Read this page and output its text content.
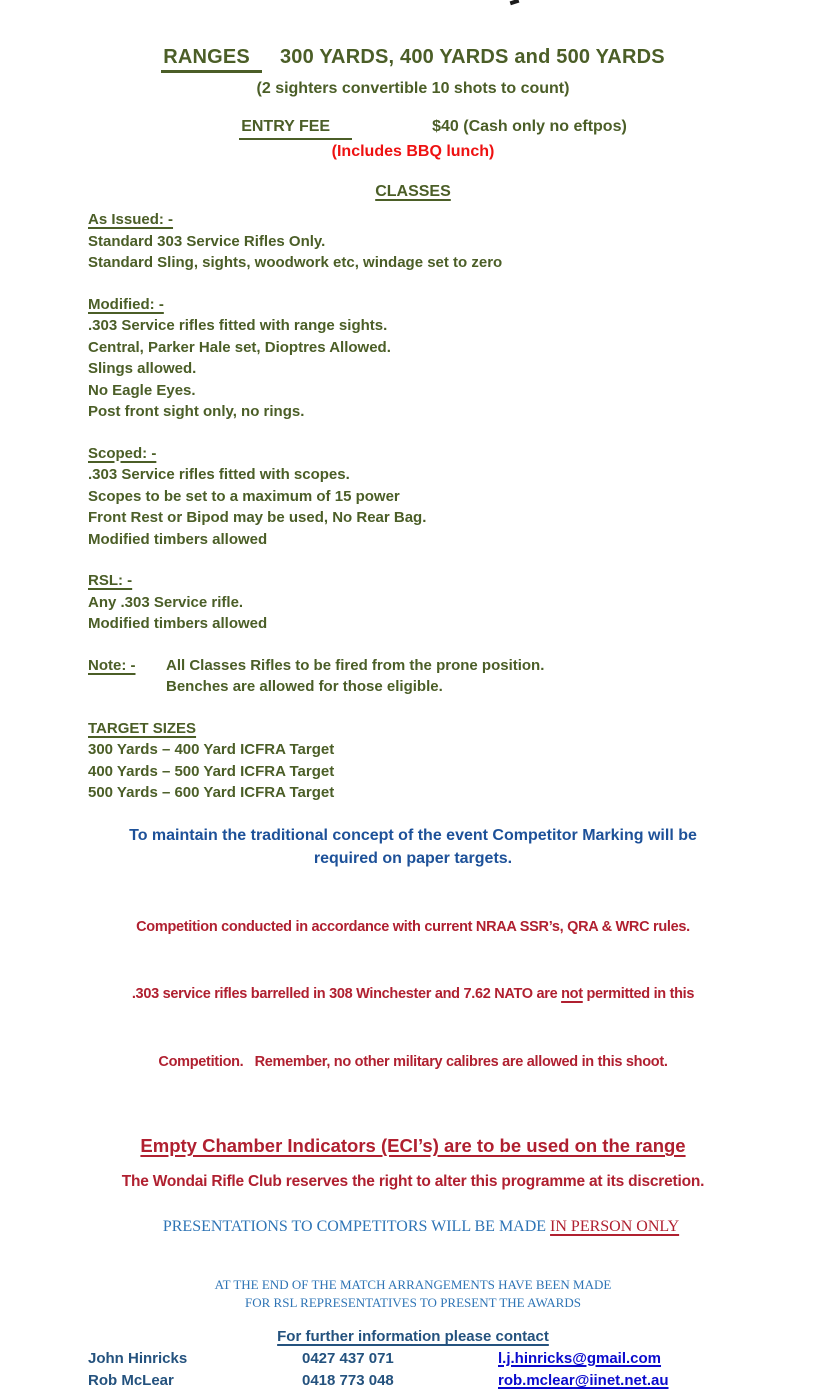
RANGES 300 YARDS, 400 YARDS and 500 YARDS
(2 sighters convertible 10 shots to count)
ENTRY FEE	$40 (Cash only no eftpos)
(Includes BBQ lunch)
CLASSES
As Issued: -
Standard 303 Service Rifles Only.
Standard Sling, sights, woodwork etc, windage set to zero
Modified: -
.303 Service rifles fitted with range sights.
Central, Parker Hale set, Dioptres Allowed.
Slings allowed.
No Eagle Eyes.
Post front sight only, no rings.
Scoped: -
.303 Service rifles fitted with scopes.
Scopes to be set to a maximum of 15 power
Front Rest or Bipod may be used, No Rear Bag.
Modified timbers allowed
RSL: -
Any .303 Service rifle.
Modified timbers allowed
Note: -	All Classes Rifles to be fired from the prone position.
Benches are allowed for those eligible.
TARGET SIZES
300 Yards – 400 Yard ICFRA Target
400 Yards – 500 Yard ICFRA Target
500 Yards – 600 Yard ICFRA Target
To maintain the traditional concept of the event Competitor Marking will be
required on paper targets.

Competition conducted in accordance with current NRAA SSR’s, QRA & WRC rules.

.303 service rifles barrelled in 308 Winchester and 7.62 NATO are not permitted in this

Competition.   Remember, no other military calibres are allowed in this shoot.

Empty Chamber Indicators (ECI’s) are to be used on the range
The Wondai Rifle Club reserves the right to alter this programme at its discretion.

PRESENTATIONS TO COMPETITORS WILL BE MADE IN PERSON ONLY

AT THE END OF THE MATCH ARRANGEMENTS HAVE BEEN MADE
FOR RSL REPRESENTATIVES TO PRESENT THE AWARDS
For further information please contact
John Hinricks	0427 437 071	l.j.hinricks@gmail.com
Rob McLear	0418 773 048	rob.mclear@iinet.net.au
